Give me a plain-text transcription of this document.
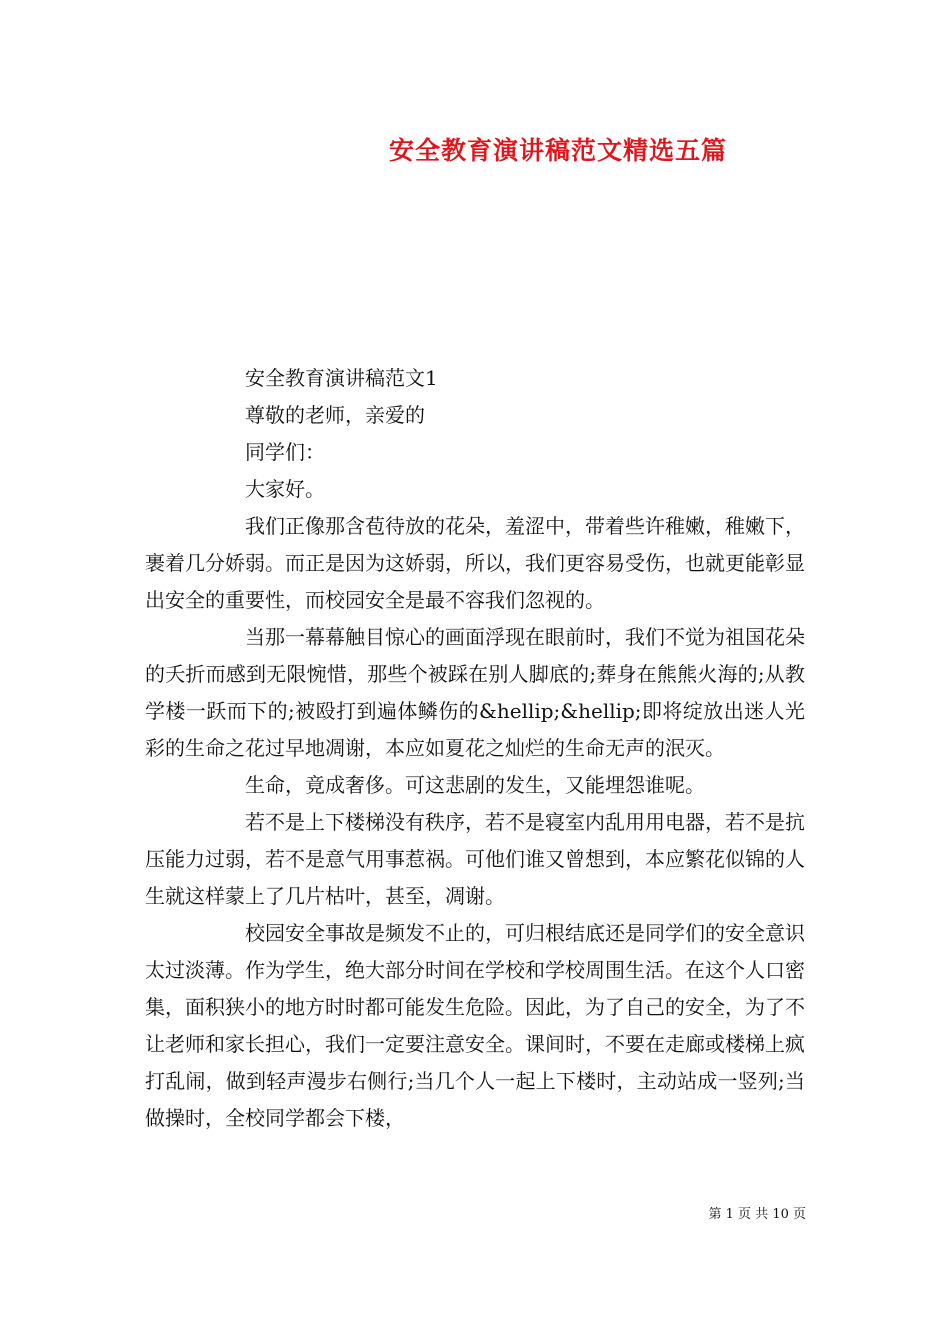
安全教育演讲稿范文精选五篇

安全教育演讲稿范文1

尊敬的老师，亲爱的

同学们：

大家好。

我们正像那含苞待放的花朵，羞涩中，带着些许稚嫩，稚嫩下，裹着几分娇弱。而正是因为这娇弱，所以，我们更容易受伤，也就更能彰显出安全的重要性，而校园安全是最不容我们忽视的。

当那一幕幕触目惊心的画面浮现在眼前时，我们不觉为祖国花朵的夭折而感到无限惋惜，那些个被踩在别人脚底的;葬身在熊熊火海的;从教学楼一跃而下的;被殴打到遍体鳞伤的&hellip;&hellip;即将绽放出迷人光彩的生命之花过早地凋谢，本应如夏花之灿烂的生命无声的泯灭。

生命，竟成奢侈。可这悲剧的发生，又能埋怨谁呢。

若不是上下楼梯没有秩序，若不是寝室内乱用用电器，若不是抗压能力过弱，若不是意气用事惹祸。可他们谁又曾想到，本应繁花似锦的人生就这样蒙上了几片枯叶，甚至，凋谢。

校园安全事故是频发不止的，可归根结底还是同学们的安全意识太过淡薄。作为学生，绝大部分时间在学校和学校周围生活。在这个人口密集，面积狭小的地方时时都可能发生危险。因此，为了自己的安全，为了不让老师和家长担心，我们一定要注意安全。课间时，不要在走廊或楼梯上疯打乱闹，做到轻声漫步右侧行;当几个人一起上下楼时，主动站成一竖列;当做操时，全校同学都会下楼，

第 1 页 共 10 页
